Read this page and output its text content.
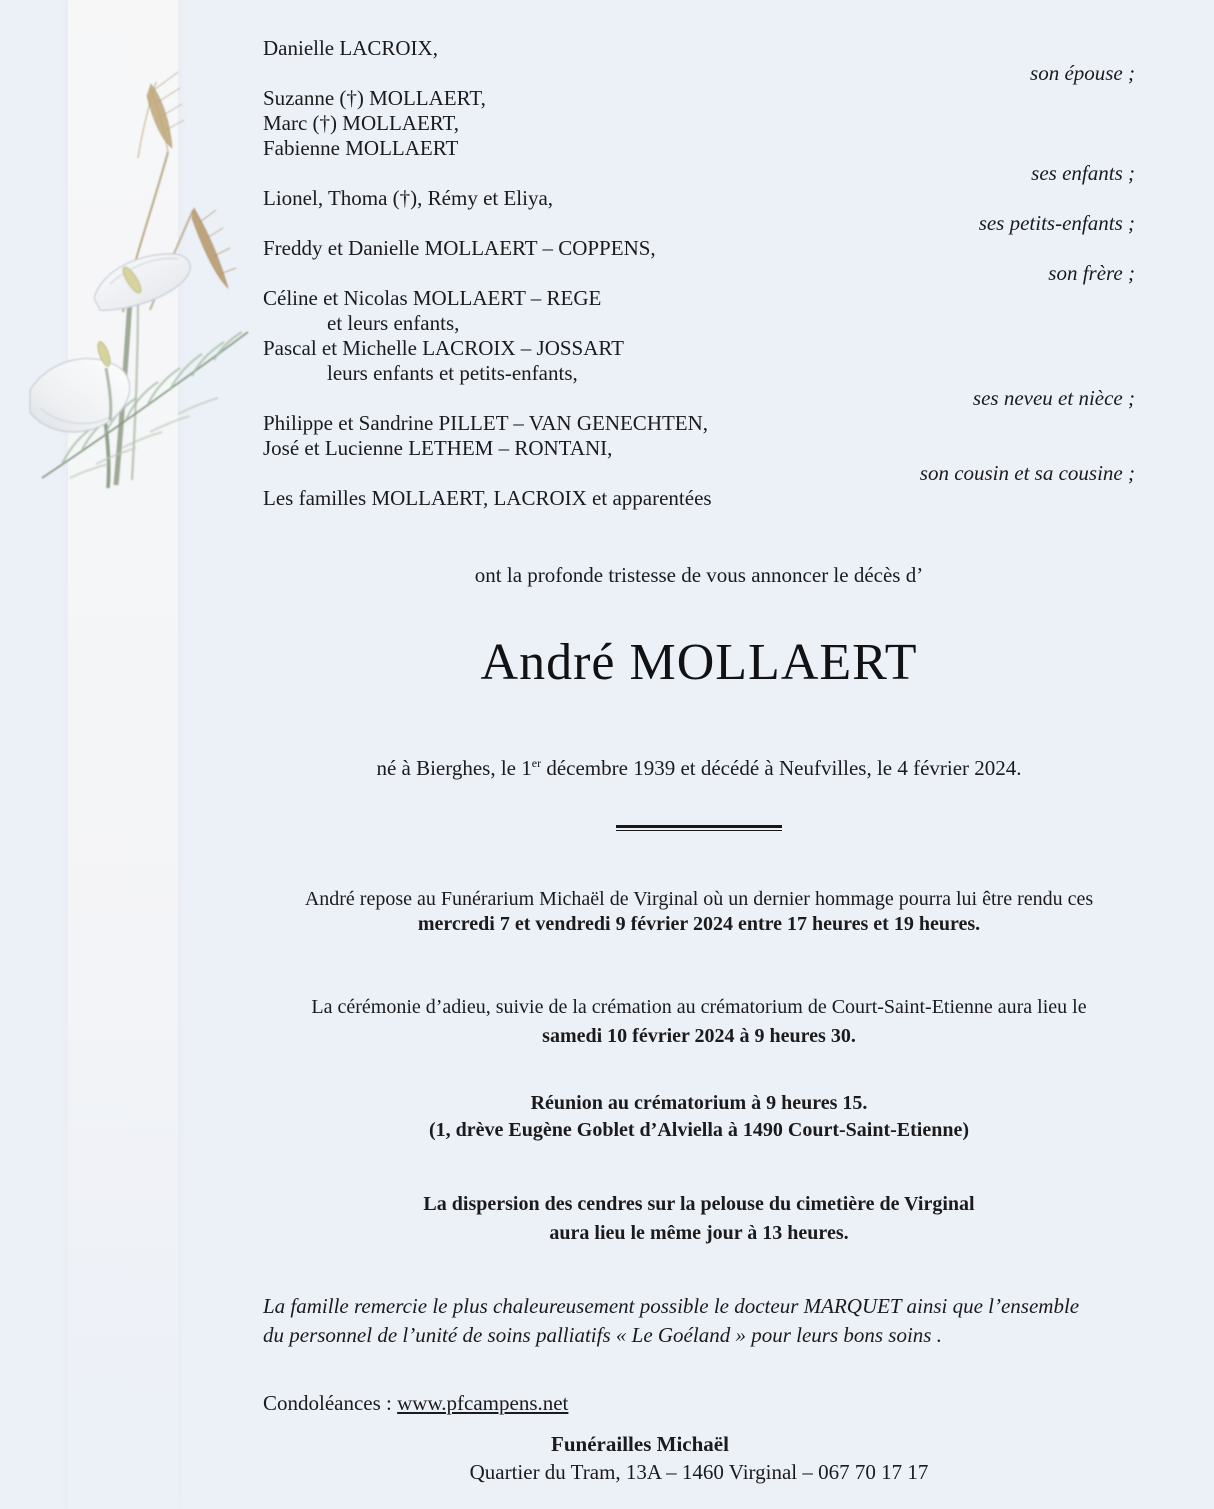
Danielle LACROIX,
son épouse ;
Suzanne (†) MOLLAERT,
Marc (†) MOLLAERT,
Fabienne MOLLAERT
ses enfants ;
Lionel, Thoma (†), Rémy et Eliya,
ses petits-enfants ;
Freddy et Danielle MOLLAERT – COPPENS,
son frère ;
Céline et Nicolas MOLLAERT – REGE
et leurs enfants,
Pascal et Michelle LACROIX – JOSSART
leurs enfants et petits-enfants,
ses neveu et nièce ;
Philippe et Sandrine PILLET – VAN GENECHTEN,
José et Lucienne LETHEM – RONTANI,
son cousin et sa cousine ;
Les familles MOLLAERT, LACROIX et apparentées
ont la profonde tristesse de vous annoncer le décès d’
André MOLLAERT
né à Bierghes, le 1er décembre 1939 et décédé à Neufvilles, le 4 février 2024.
André repose au Funérarium Michaël de Virginal où un dernier hommage pourra lui être rendu ces
mercredi 7 et vendredi 9 février 2024 entre 17 heures et 19 heures.
La cérémonie d’adieu, suivie de la crémation au crématorium de Court-Saint-Etienne aura lieu le
samedi 10 février 2024 à 9 heures 30.
Réunion au crématorium à 9 heures 15.
(1, drève Eugène Goblet d’Alviella à 1490 Court-Saint-Etienne)
La dispersion des cendres sur la pelouse du cimetière de Virginal
aura lieu le même jour à 13 heures.
La famille remercie le plus chaleureusement possible le docteur MARQUET ainsi que l’ensemble
du personnel de l’unité de soins palliatifs « Le Goéland » pour leurs bons soins .
Condoléances : www.pfcampens.net
Funérailles Michaël
Quartier du Tram, 13A – 1460 Virginal – 067 70 17 17
